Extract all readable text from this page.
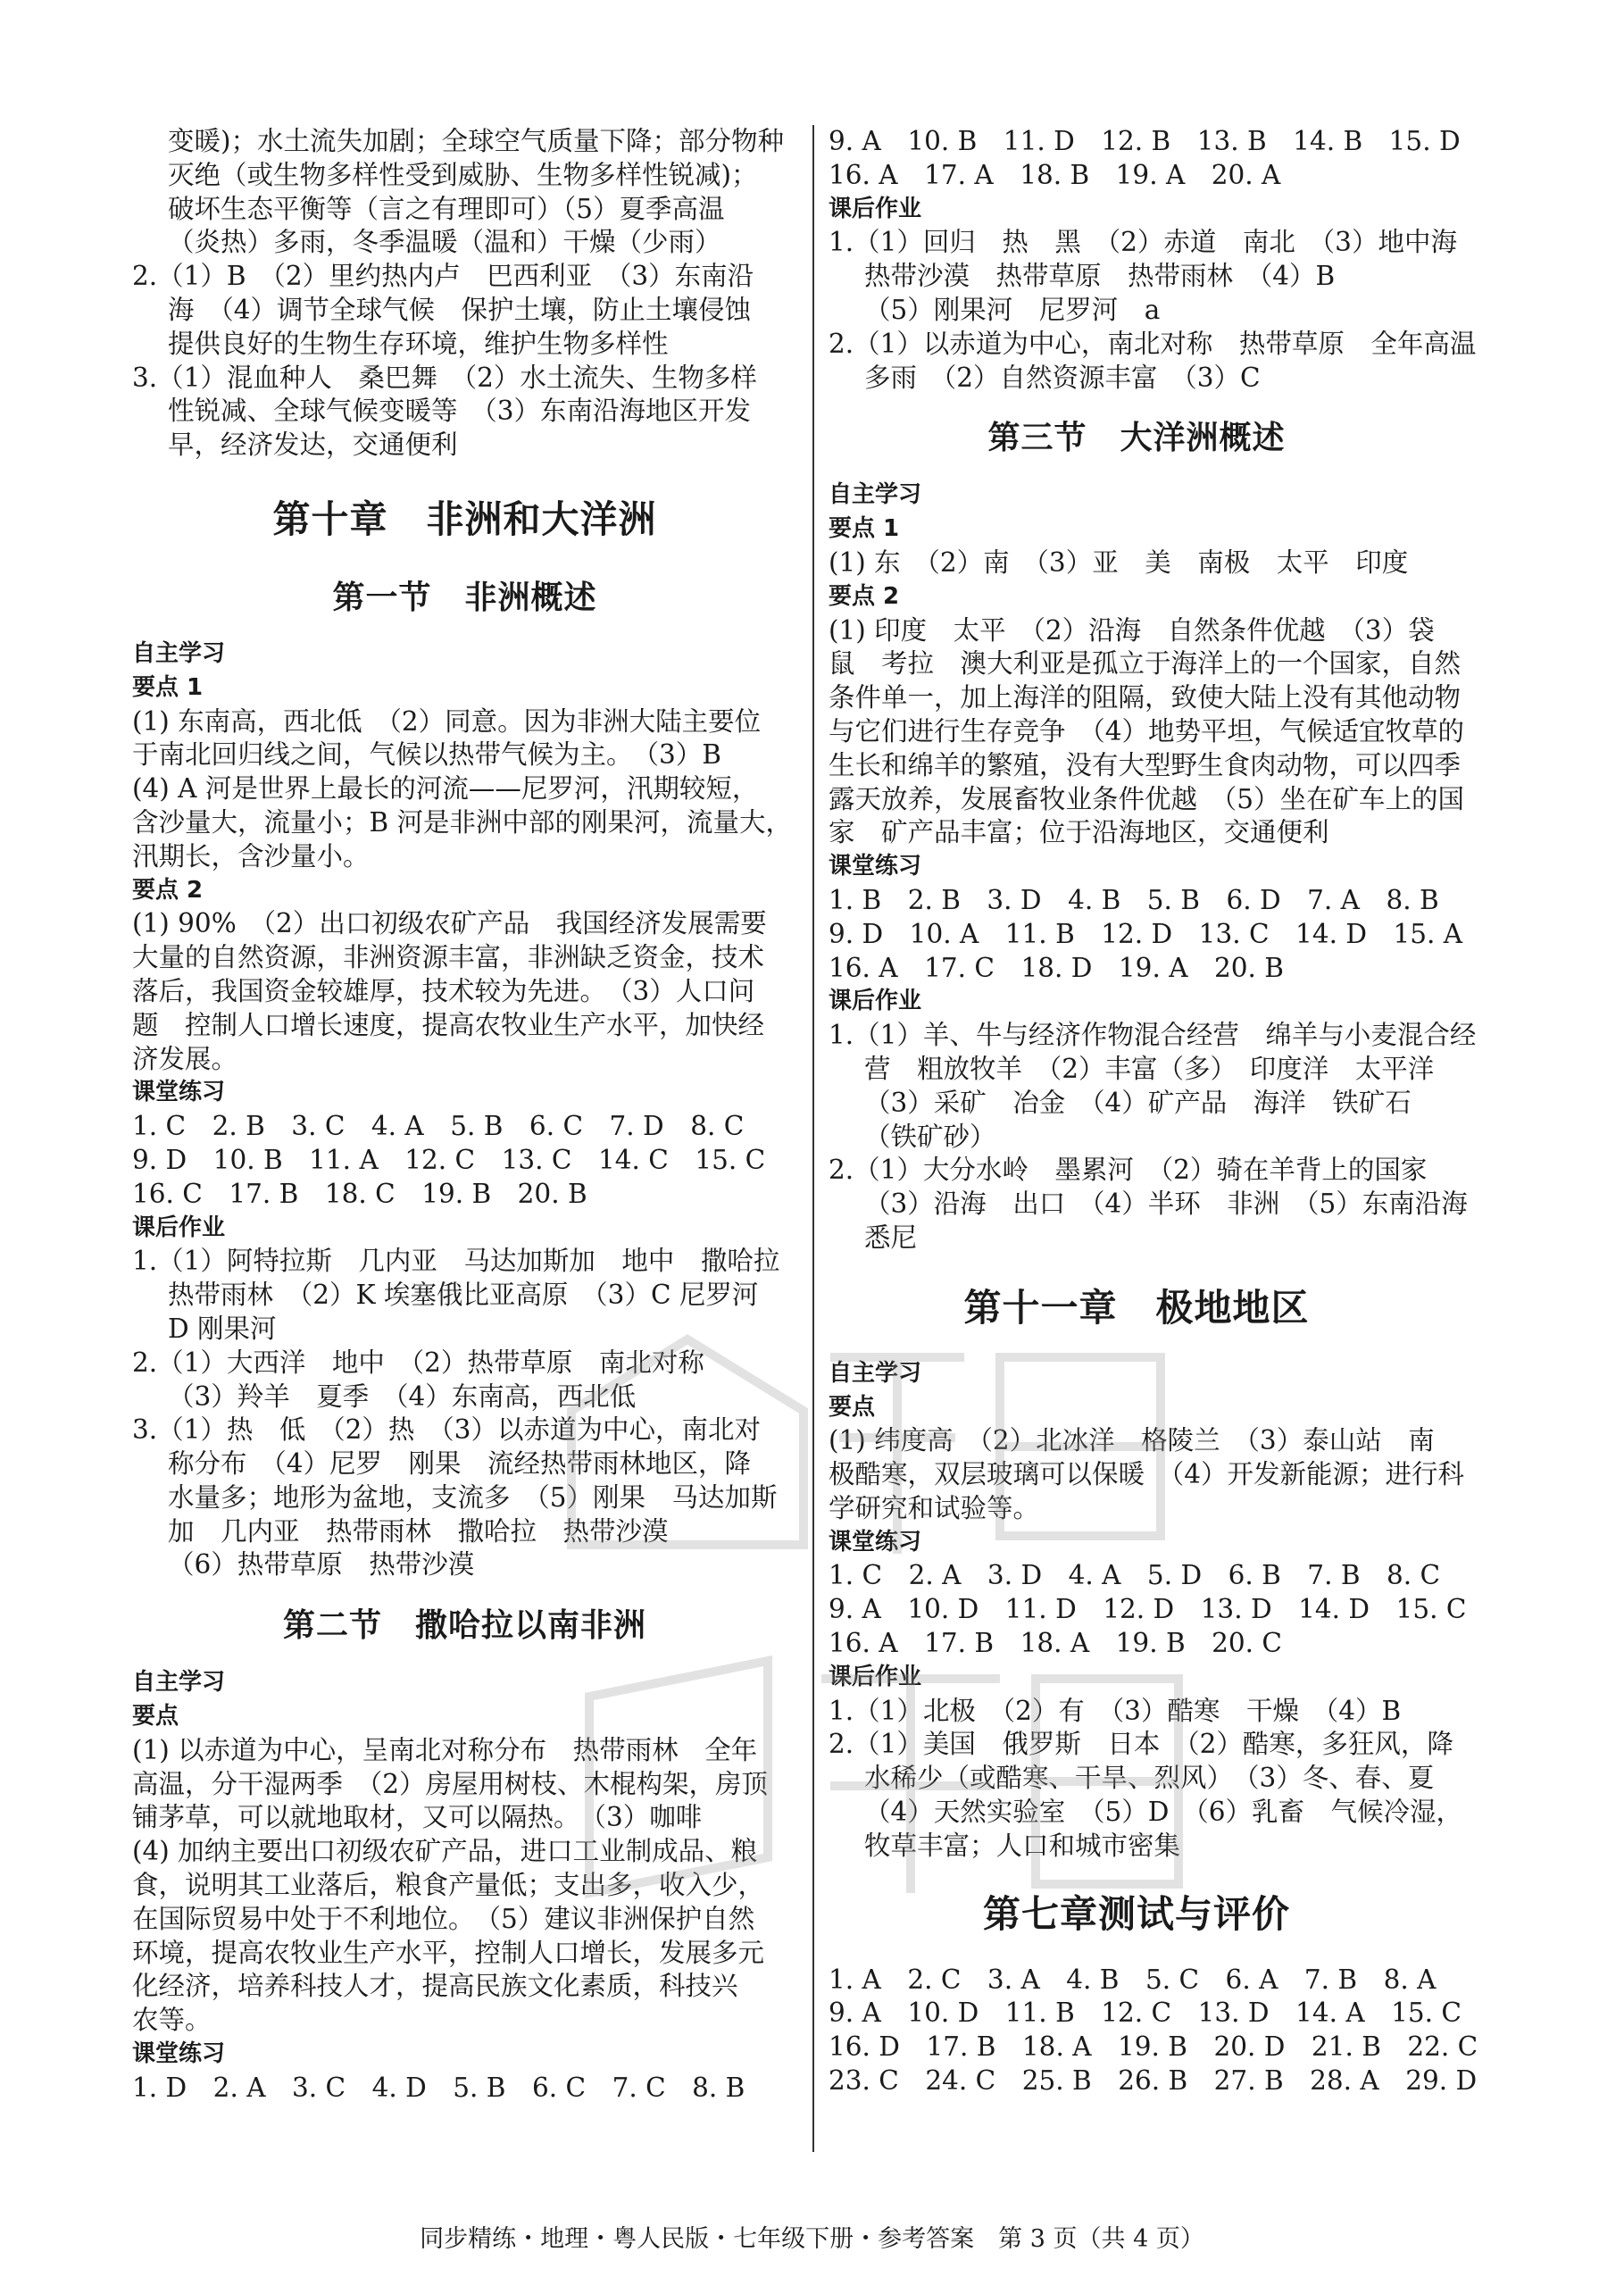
变暖)；水土流失加剧；全球空气质量下降；部分物种
灭绝（或生物多样性受到威胁、生物多样性锐减)；
破坏生态平衡等（言之有理即可）（5）夏季高温
（炎热）多雨，冬季温暖（温和）干燥（少雨）
2.（1）B　（2）里约热内卢　巴西利亚　（3）东南沿
海　（4）调节全球气候　保护土壤，防止土壤侵蚀
提供良好的生物生存环境，维护生物多样性
3.（1）混血种人　桑巴舞　（2）水土流失、生物多样
性锐减、全球气候变暖等　（3）东南沿海地区开发
早，经济发达，交通便利
第十章　非洲和大洋洲
第一节　非洲概述
自主学习
要点 1
(1) 东南高，西北低　（2）同意。因为非洲大陆主要位
于南北回归线之间，气候以热带气候为主。　（3）B
(4) A 河是世界上最长的河流——尼罗河，汛期较短，
含沙量大，流量小；B 河是非洲中部的刚果河，流量大，
汛期长，含沙量小。
要点 2
(1) 90%　（2）出口初级农矿产品　我国经济发展需要
大量的自然资源，非洲资源丰富，非洲缺乏资金，技术
落后，我国资金较雄厚，技术较为先进。　（3）人口问
题　控制人口增长速度，提高农牧业生产水平，加快经
济发展。
课堂练习
1. C　2. B　3. C　4. A　5. B　6. C　7. D　8. C
9. D　10. B　11. A　12. C　13. C　14. C　15. C
16. C　17. B　18. C　19. B　20. B
课后作业
1.（1）阿特拉斯　几内亚　马达加斯加　地中　撒哈拉
热带雨林　（2）K 埃塞俄比亚高原　（3）C 尼罗河
D 刚果河
2.（1）大西洋　地中　（2）热带草原　南北对称
（3）羚羊　夏季　（4）东南高，西北低
3.（1）热　低　（2）热　（3）以赤道为中心，南北对
称分布　（4）尼罗　刚果　流经热带雨林地区，降
水量多；地形为盆地，支流多　（5）刚果　马达加斯
加　几内亚　热带雨林　撒哈拉　热带沙漠
（6）热带草原　热带沙漠
第二节　撒哈拉以南非洲
自主学习
要点
(1) 以赤道为中心，呈南北对称分布　热带雨林　全年
高温，分干湿两季　（2）房屋用树枝、木棍构架，房顶
铺茅草，可以就地取材，又可以隔热。　（3）咖啡
(4) 加纳主要出口初级农矿产品，进口工业制成品、粮
食，说明其工业落后，粮食产量低；支出多，收入少，
在国际贸易中处于不利地位。　（5）建议非洲保护自然
环境，提高农牧业生产水平，控制人口增长，发展多元
化经济，培养科技人才，提高民族文化素质，科技兴
农等。
课堂练习
1. D　2. A　3. C　4. D　5. B　6. C　7. C　8. B
9. A　10. B　11. D　12. B　13. B　14. B　15. D
16. A　17. A　18. B　19. A　20. A
课后作业
1.（1）回归　热　黑　（2）赤道　南北　（3）地中海
热带沙漠　热带草原　热带雨林　（4）B
（5）刚果河　尼罗河　a
2.（1）以赤道为中心，南北对称　热带草原　全年高温
多雨　（2）自然资源丰富　（3）C
第三节　大洋洲概述
自主学习
要点 1
(1) 东　（2）南　（3）亚　美　南极　太平　印度
要点 2
(1) 印度　太平　（2）沿海　自然条件优越　（3）袋
鼠　考拉　澳大利亚是孤立于海洋上的一个国家，自然
条件单一，加上海洋的阻隔，致使大陆上没有其他动物
与它们进行生存竞争　（4）地势平坦，气候适宜牧草的
生长和绵羊的繁殖，没有大型野生食肉动物，可以四季
露天放养，发展畜牧业条件优越　（5）坐在矿车上的国
家　矿产品丰富；位于沿海地区，交通便利
课堂练习
1. B　2. B　3. D　4. B　5. B　6. D　7. A　8. B
9. D　10. A　11. B　12. D　13. C　14. D　15. A
16. A　17. C　18. D　19. A　20. B
课后作业
1.（1）羊、牛与经济作物混合经营　绵羊与小麦混合经
营　粗放牧羊　（2）丰富（多）　印度洋　太平洋
（3）采矿　冶金　（4）矿产品　海洋　铁矿石
（铁矿砂）
2.（1）大分水岭　墨累河　（2）骑在羊背上的国家
（3）沿海　出口　（4）半环　非洲　（5）东南沿海
悉尼
第十一章　极地地区
自主学习
要点
(1) 纬度高　（2）北冰洋　格陵兰　（3）泰山站　南
极酷寒，双层玻璃可以保暖　（4）开发新能源；进行科
学研究和试验等。
课堂练习
1. C　2. A　3. D　4. A　5. D　6. B　7. B　8. C
9. A　10. D　11. D　12. D　13. D　14. D　15. C
16. A　17. B　18. A　19. B　20. C
课后作业
1.（1）北极　（2）有　（3）酷寒　干燥　（4）B
2.（1）美国　俄罗斯　日本　（2）酷寒，多狂风，降
水稀少（或酷寒、干旱、烈风）　（3）冬、春、夏
（4）天然实验室　（5）D　（6）乳畜　气候冷湿，
牧草丰富；人口和城市密集
第七章测试与评价
1. A　2. C　3. A　4. B　5. C　6. A　7. B　8. A
9. A　10. D　11. B　12. C　13. D　14. A　15. C
16. D　17. B　18. A　19. B　20. D　21. B　22. C
23. C　24. C　25. B　26. B　27. B　28. A　29. D
同步精练・地理・粤人民版・七年级下册・参考答案　第 3 页（共 4 页）
